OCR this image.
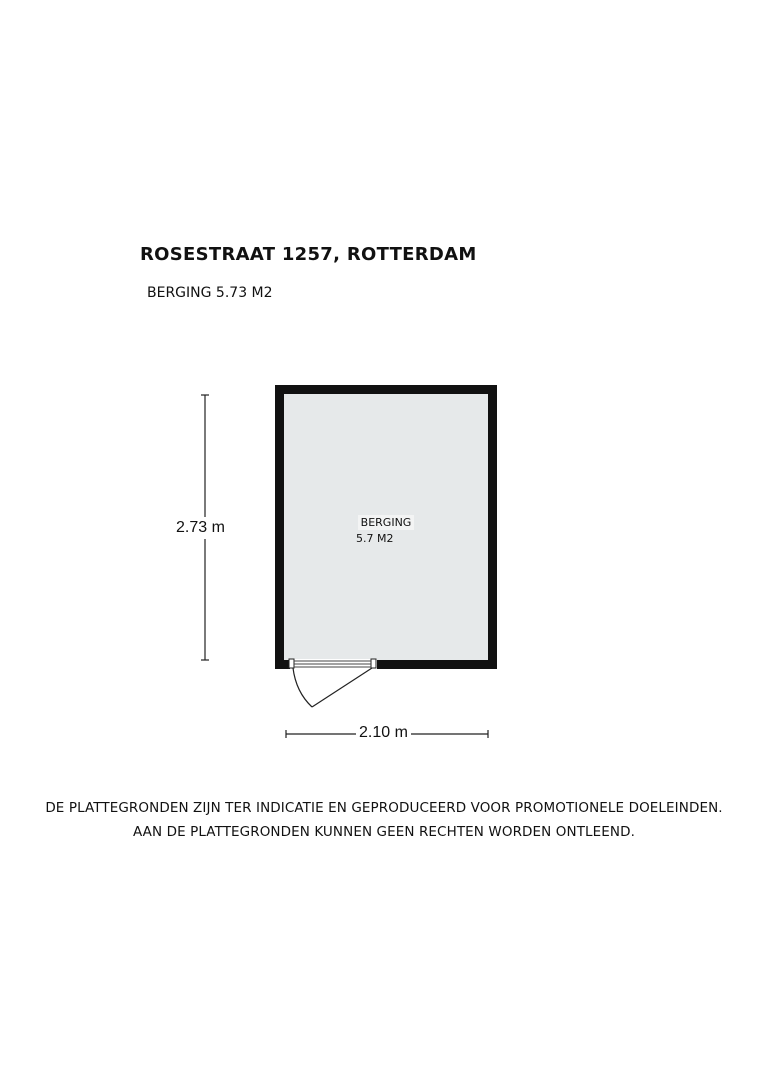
ROSESTRAAT 1257, ROTTERDAM
BERGING 5.73 M2
BERGING
5.7 M2
2.73 m
2.10 m
DE PLATTEGRONDEN ZIJN TER INDICATIE EN GEPRODUCEERD VOOR PROMOTIONELE DOELEINDEN.
AAN DE PLATTEGRONDEN KUNNEN GEEN RECHTEN WORDEN ONTLEEND.
